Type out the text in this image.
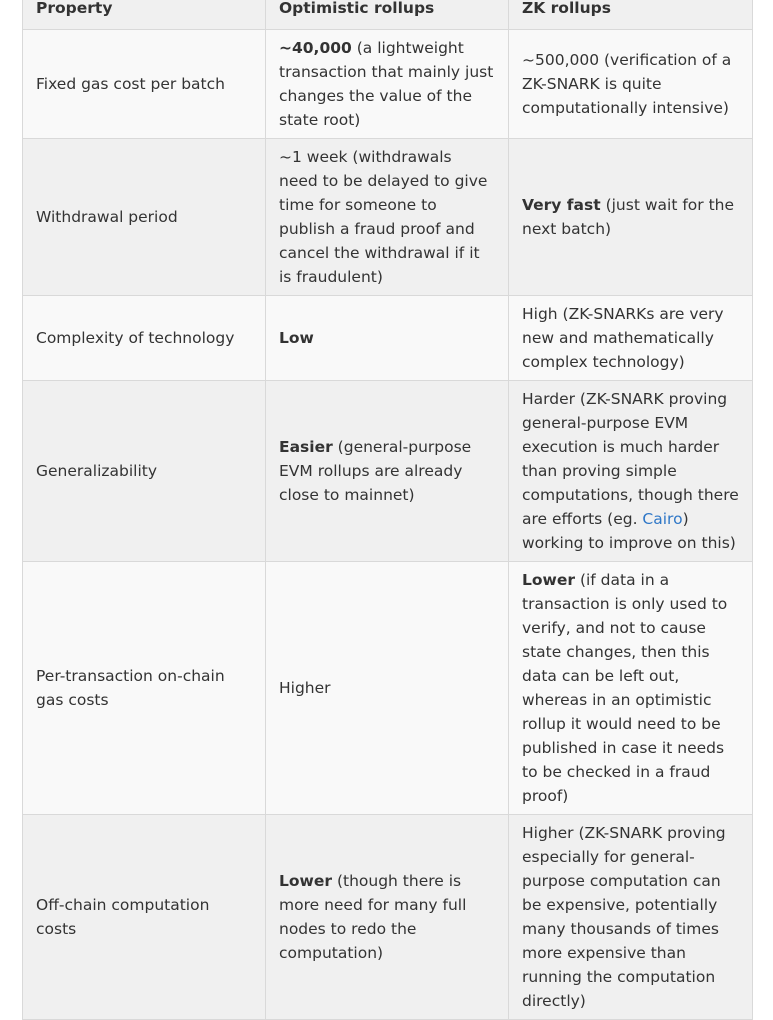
Property	Optimistic rollups	ZK rollups
Fixed gas cost per batch	~40,000 (a lightweight transaction that mainly just changes the value of the state root)	~500,000 (verification of a ZK-SNARK is quite computationally intensive)
Withdrawal period	~1 week (withdrawals need to be delayed to give time for someone to publish a fraud proof and cancel the withdrawal if it is fraudulent)	Very fast (just wait for the next batch)
Complexity of technology	Low	High (ZK-SNARKs are very new and mathematically complex technology)
Generalizability	Easier (general-purpose EVM rollups are already close to mainnet)	Harder (ZK-SNARK proving general-purpose EVM execution is much harder than proving simple computations, though there are efforts (eg. Cairo) working to improve on this)
Per-transaction on-chain gas costs	Higher	Lower (if data in a transaction is only used to verify, and not to cause state changes, then this data can be left out, whereas in an optimistic rollup it would need to be published in case it needs to be checked in a fraud proof)
Off-chain computation costs	Lower (though there is more need for many full nodes to redo the computation)	Higher (ZK-SNARK proving especially for general-purpose computation can be expensive, potentially many thousands of times more expensive than running the computation directly)
